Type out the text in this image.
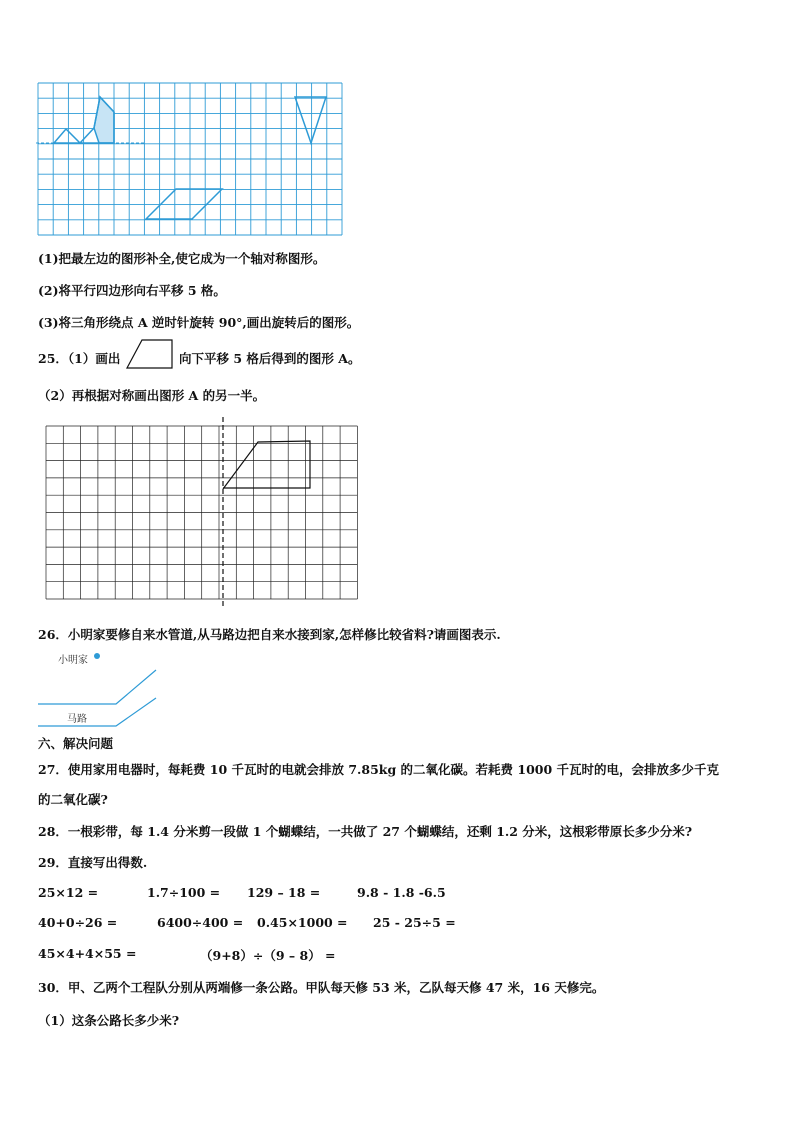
(1)把最左边的图形补全,使它成为一个轴对称图形。
(2)将平行四边形向右平移 5 格。
(3)将三角形绕点 A 逆时针旋转 90°,画出旋转后的图形。
25．（1）画出	向下平移 5 格后得到的图形 A。
（2）再根据对称画出图形 A 的另一半。
26．小明家要修自来水管道,从马路边把自来水接到家,怎样修比较省料?请画图表示.
小明家
马路
六、解决问题
27．使用家用电器时，每耗费 10 千瓦时的电就会排放 7.85kg 的二氧化碳。若耗费 1000 千瓦时的电，会排放多少千克
的二氧化碳?
28．一根彩带，每 1.4 分米剪一段做 1 个蝴蝶结，一共做了 27 个蝴蝶结，还剩 1.2 分米，这根彩带原长多少分米?
29．直接写出得数.
25×12 =	1.7÷100 = 129 – 18 =	9.8 - 1.8 -6.5
40+0÷26 =	6400÷400 = 0.45×1000 = 25 - 25÷5 =
45×4+4×55 =	（9+8）÷（9 – 8） =
30．甲、乙两个工程队分别从两端修一条公路。甲队每天修 53 米，乙队每天修 47 米，16 天修完。
（1）这条公路长多少米?
